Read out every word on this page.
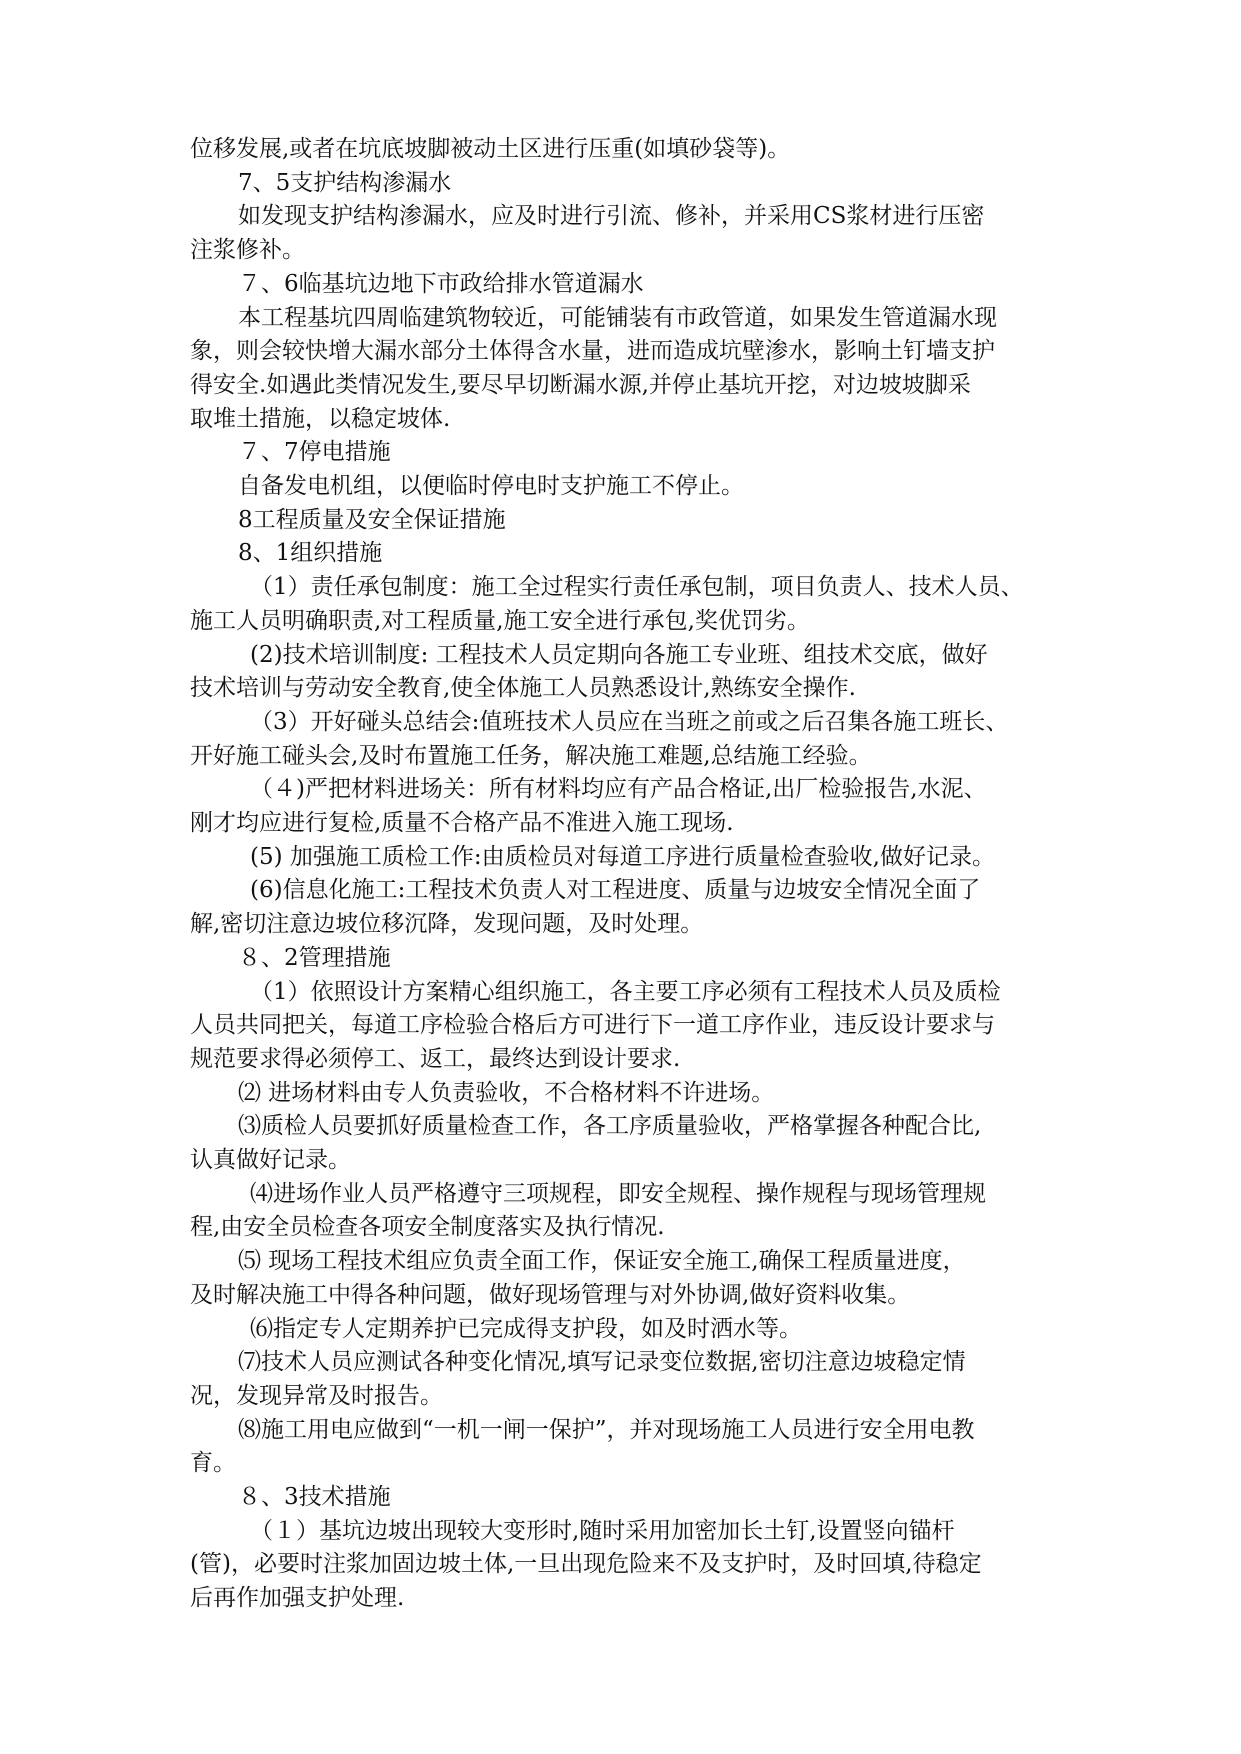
位移发展,或者在坑底坡脚被动土区进行压重(如填砂袋等)。
7、5支护结构渗漏水
如发现支护结构渗漏水，应及时进行引流、修补，并采用CS浆材进行压密
注浆修补。
７、6临基坑边地下市政给排水管道漏水
本工程基坑四周临建筑物较近，可能铺装有市政管道，如果发生管道漏水现
象，则会较快增大漏水部分土体得含水量，进而造成坑壁渗水，影响土钉墙支护
得安全.如遇此类情况发生,要尽早切断漏水源,并停止基坑开挖，对边坡坡脚采
取堆土措施，以稳定坡体.
７、7停电措施
自备发电机组，以便临时停电时支护施工不停止。
8工程质量及安全保证措施
8、1组织措施
（1）责任承包制度：施工全过程实行责任承包制，项目负责人、技术人员、
施工人员明确职责,对工程质量,施工安全进行承包,奖优罚劣。
(2)技术培训制度: 工程技术人员定期向各施工专业班、组技术交底，做好
技术培训与劳动安全教育,使全体施工人员熟悉设计,熟练安全操作.
（3）开好碰头总结会:值班技术人员应在当班之前或之后召集各施工班长、
开好施工碰头会,及时布置施工任务，解决施工难题,总结施工经验。
（４)严把材料进场关：所有材料均应有产品合格证,出厂检验报告,水泥、
刚才均应进行复检,质量不合格产品不准进入施工现场.
(5) 加强施工质检工作:由质检员对每道工序进行质量检查验收,做好记录。
(6)信息化施工:工程技术负责人对工程进度、质量与边坡安全情况全面了
解,密切注意边坡位移沉降，发现问题，及时处理。
８、2管理措施
（1）依照设计方案精心组织施工，各主要工序必须有工程技术人员及质检
人员共同把关，每道工序检验合格后方可进行下一道工序作业，违反设计要求与
规范要求得必须停工、返工，最终达到设计要求.
⑵ 进场材料由专人负责验收，不合格材料不许进场。
⑶质检人员要抓好质量检查工作，各工序质量验收，严格掌握各种配合比,
认真做好记录。
⑷进场作业人员严格遵守三项规程，即安全规程、操作规程与现场管理规
程,由安全员检查各项安全制度落实及执行情况.
⑸ 现场工程技术组应负责全面工作，保证安全施工,确保工程质量进度，
及时解决施工中得各种问题，做好现场管理与对外协调,做好资料收集。
⑹指定专人定期养护已完成得支护段，如及时洒水等。
⑺技术人员应测试各种变化情况,填写记录变位数据,密切注意边坡稳定情
况，发现异常及时报告。
⑻施工用电应做到“一机一闸一保护”，并对现场施工人员进行安全用电教
育。
８、3技术措施
（１）基坑边坡出现较大变形时,随时采用加密加长土钉,设置竖向锚杆
(管)，必要时注浆加固边坡土体,一旦出现危险来不及支护时，及时回填,待稳定
后再作加强支护处理.
